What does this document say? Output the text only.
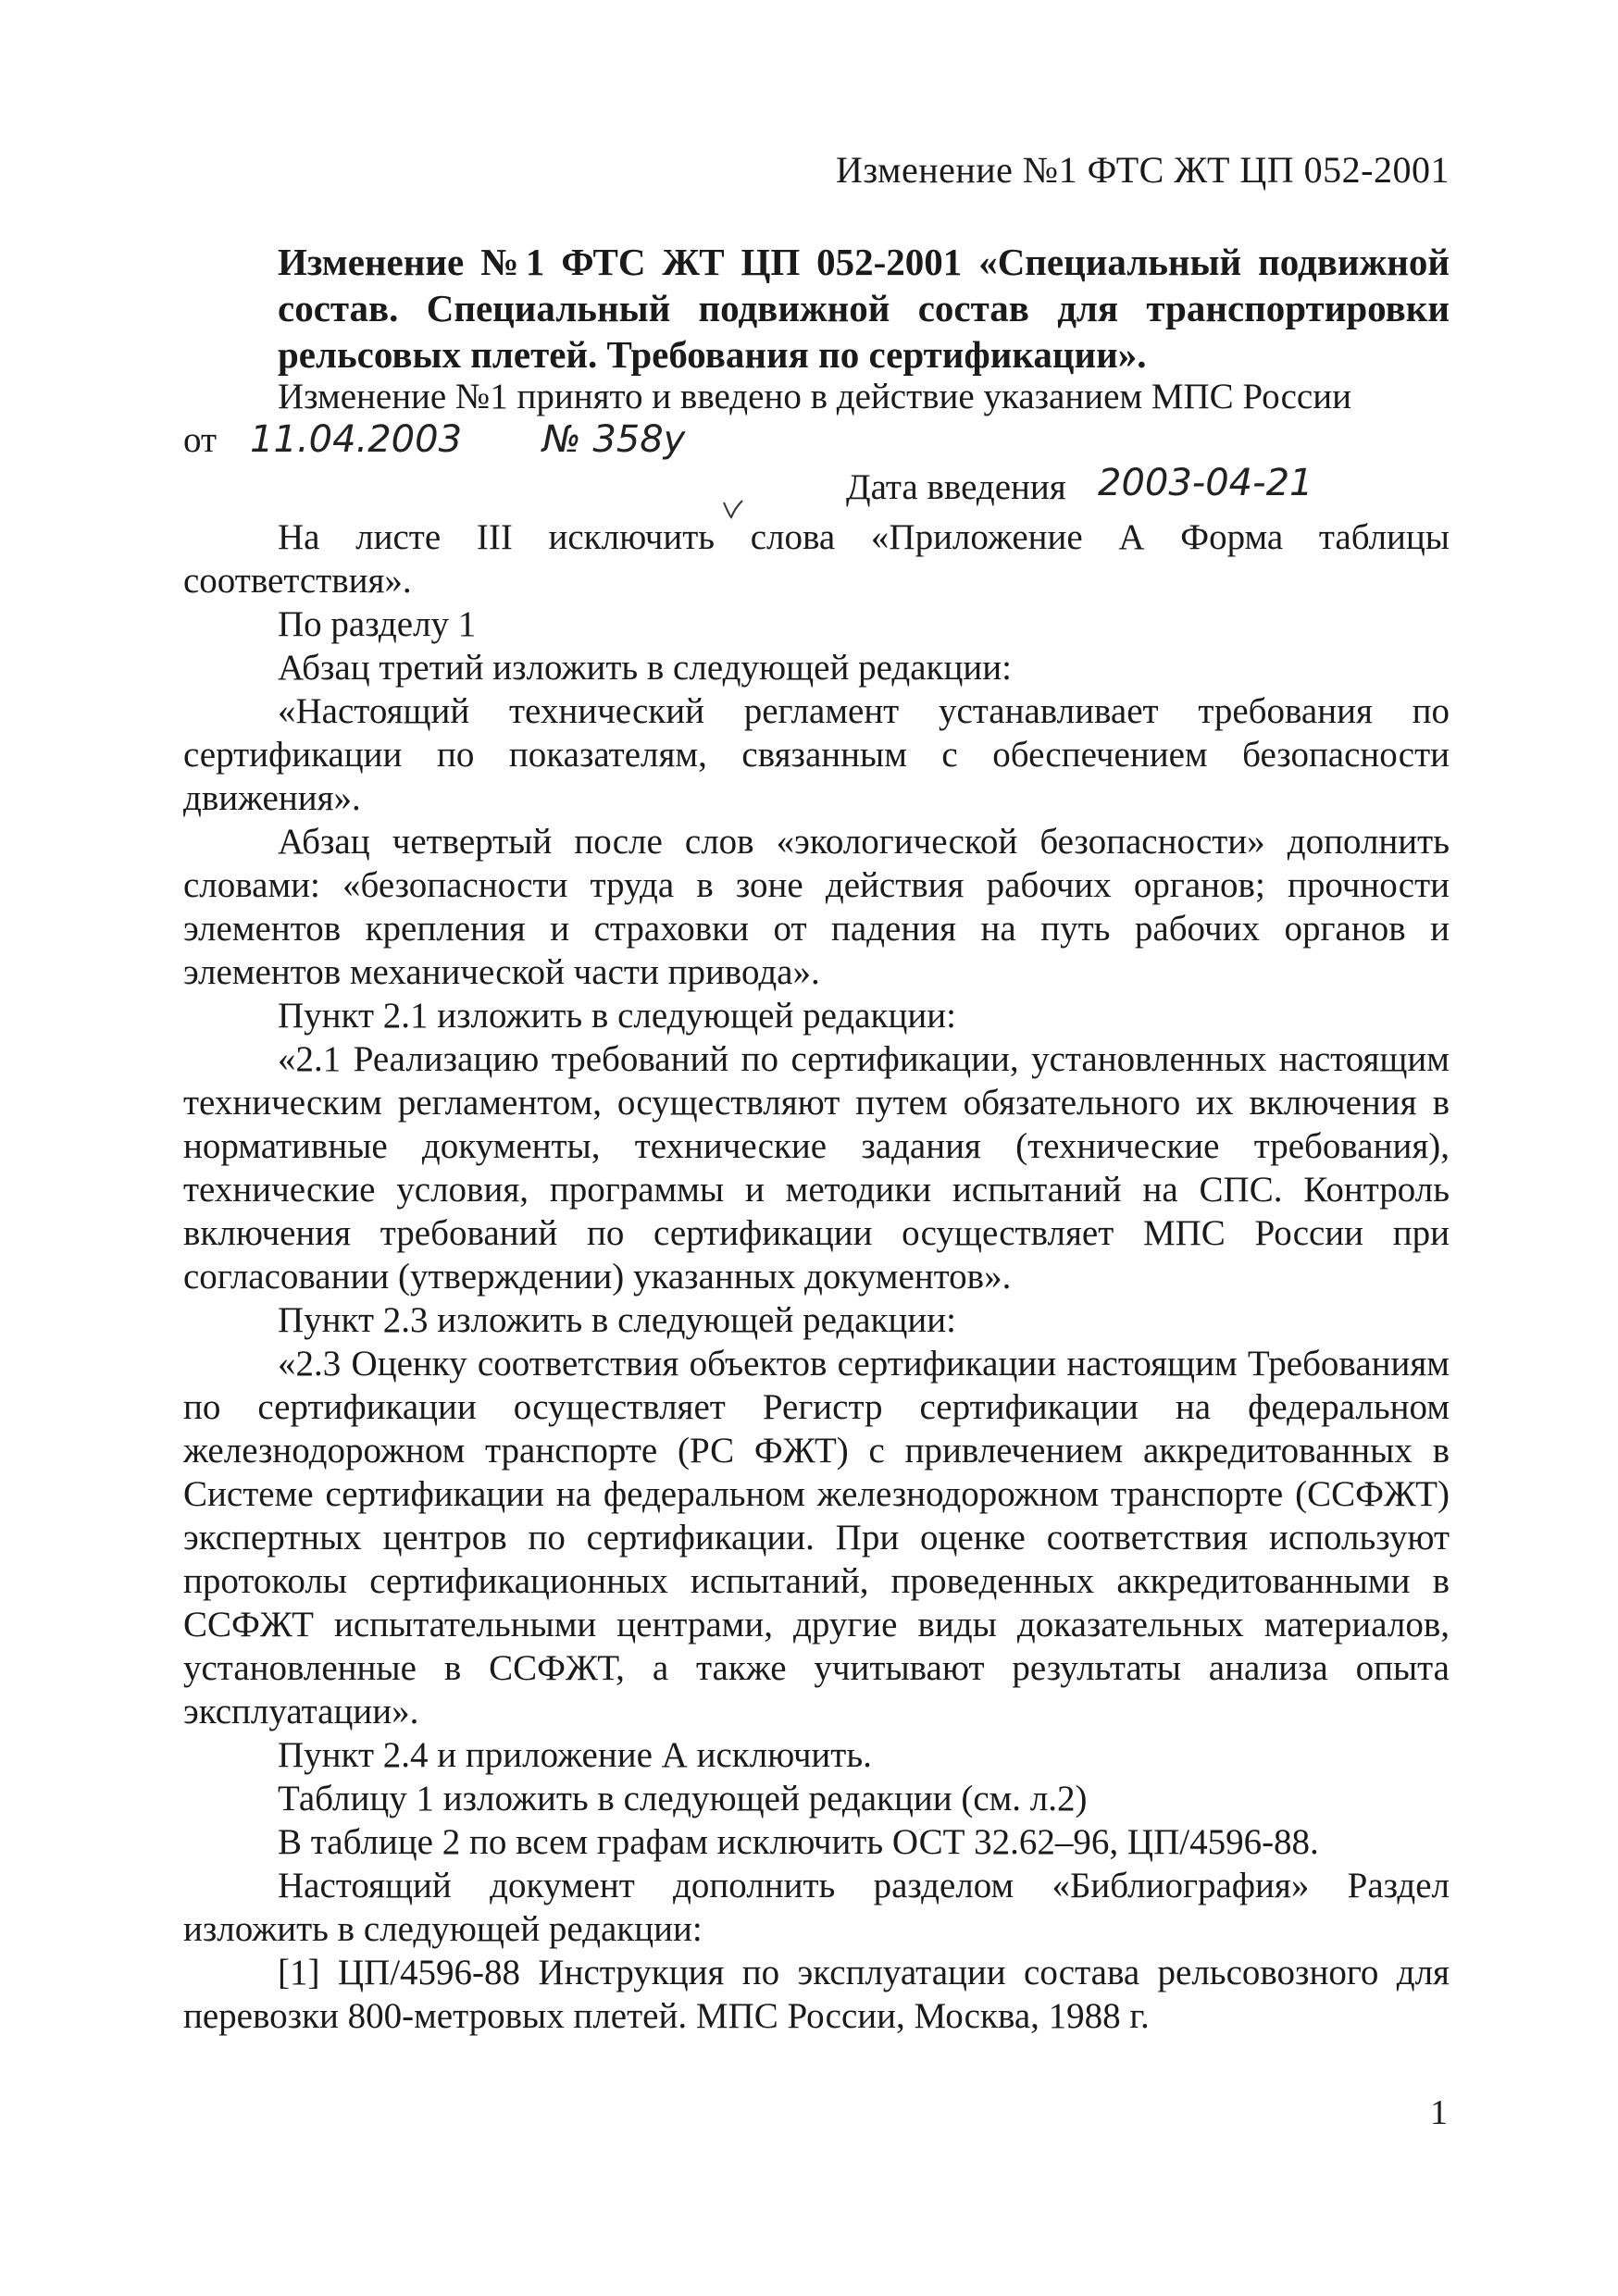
Изменение №1 ФТС ЖТ ЦП 052-2001
Изменение №1 ФТС ЖТ ЦП 052-2001 «Специальный подвижной состав. Специальный подвижной состав для транспортировки рельсовых плетей. Требования по сертификации».

Изменение №1 принято и введено в действие указанием МПС России

от 11.04.2003 № 358у
Дата введения 2003-04-21

На листе III исключить слова «Приложение А Форма таблицы соответствия».

По разделу 1

Абзац третий изложить в следующей редакции:

«Настоящий технический регламент устанавливает требования по сертификации по показателям, связанным с обеспечением безопасности движения».

Абзац четвертый после слов «экологической безопасности» дополнить словами: «безопасности труда в зоне действия рабочих органов; прочности элементов крепления и страховки от падения на путь рабочих органов и элементов механической части привода».

Пункт 2.1 изложить в следующей редакции:

«2.1 Реализацию требований по сертификации, установленных настоящим техническим регламентом, осуществляют путем обязательного их включения в нормативные документы, технические задания (технические требования), технические условия, программы и методики испытаний на СПС. Контроль включения требований по сертификации осуществляет МПС России при согласовании (утверждении) указанных документов».

Пункт 2.3 изложить в следующей редакции:

«2.3 Оценку соответствия объектов сертификации настоящим Требованиям по сертификации осуществляет Регистр сертификации на федеральном железнодорожном транспорте (РС ФЖТ) с привлечением аккредитованных в Системе сертификации на федеральном железнодорожном транспорте (ССФЖТ) экспертных центров по сертификации. При оценке соответствия используют протоколы сертификационных испытаний, проведенных аккредитованными в ССФЖТ испытательными центрами, другие виды доказательных материалов, установленные в ССФЖТ, а также учитывают результаты анализа опыта эксплуатации».

Пункт 2.4 и приложение А исключить.

Таблицу 1 изложить в следующей редакции (см. л.2)

В таблице 2 по всем графам исключить ОСТ 32.62–96, ЦП/4596-88.

Настоящий документ дополнить разделом «Библиография» Раздел изложить в следующей редакции:

[1] ЦП/4596-88 Инструкция по эксплуатации состава рельсовозного для перевозки 800-метровых плетей. МПС России, Москва, 1988 г.

1
